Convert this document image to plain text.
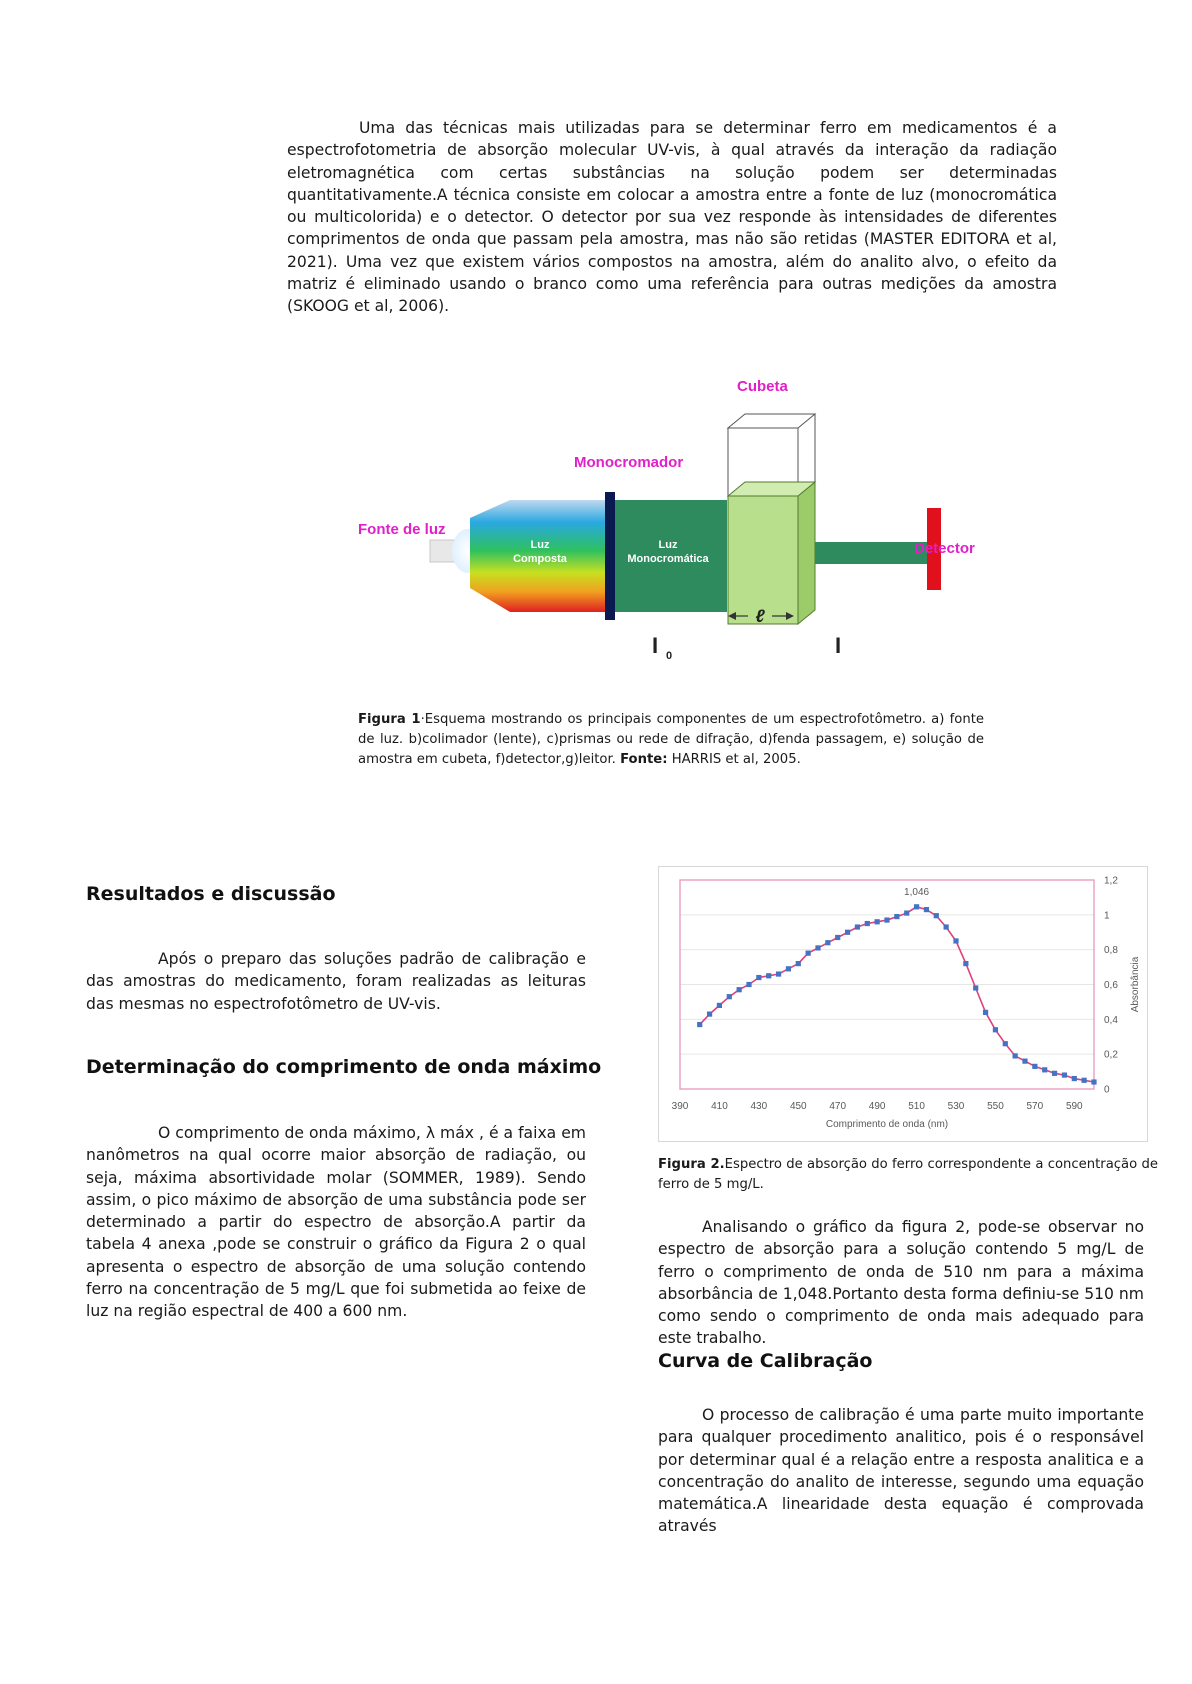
Uma das técnicas mais utilizadas para se determinar ferro em medicamentos é a espectrofotometria de absorção molecular UV-vis, à qual através da interação da radiação eletromagnética com certas substâncias na solução podem ser determinadas quantitativamente.A técnica consiste em colocar a amostra entre a fonte de luz (monocromática ou multicolorida) e o detector. O detector por sua vez responde às intensidades de diferentes comprimentos de onda que passam pela amostra, mas não são retidas (MASTER EDITORA et al, 2021). Uma vez que existem vários compostos na amostra, além do analito alvo, o efeito da matriz é eliminado usando o branco como uma referência para outras medições da amostra (SKOOG et al, 2006).

Cubeta
Monocromador
Fonte de luz
Detector
Luz
Composta
Luz
Monocromática
ℓ
I 0	I

Figura 1·Esquema mostrando os principais componentes de um espectrofotômetro. a) fonte de luz. b)colimador (lente), c)prismas ou rede de difração, d)fenda passagem, e) solução de amostra em cubeta, f)detector,g)leitor. Fonte: HARRIS et al, 2005.

Resultados e discussão

Após o preparo das soluções padrão de calibração e das amostras do medicamento, foram realizadas as leituras das mesmas no espectrofotômetro de UV-vis.

Determinação do comprimento de onda máximo

O comprimento de onda máximo, λ máx , é a faixa em nanômetros na qual ocorre maior absorção de radiação, ou seja, máxima absortividade molar (SOMMER, 1989). Sendo assim, o pico máximo de absorção de uma substância pode ser determinado a partir do espectro de absorção.A partir da tabela 4 anexa ,pode se construir o gráfico da Figura 2 o qual apresenta o espectro de absorção de uma solução contendo ferro na concentração de 5 mg/L que foi submetida ao feixe de luz na região espectral de 400 a 600 nm.

0
0,2
0,4
0,6
0,8
1
1,2
390 410 430 450 470 490 510 530 550 570 590
1,046
Comprimento de onda (nm)
Absorbância

Figura 2.Espectro de absorção do ferro correspondente a concentração de ferro de 5 mg/L.

Analisando o gráfico da figura 2, pode-se observar no espectro de absorção para a solução contendo 5 mg/L de ferro o comprimento de onda de 510 nm para a máxima absorbância de 1,048.Portanto desta forma definiu-se 510 nm como sendo o comprimento de onda mais adequado para este trabalho.

Curva de Calibração

O processo de calibração é uma parte muito importante para qualquer procedimento analitico, pois é o responsável por determinar qual é a relação entre a resposta analitica e a concentração do analito de interesse, segundo uma equação matemática.A linearidade desta equação é comprovada através
